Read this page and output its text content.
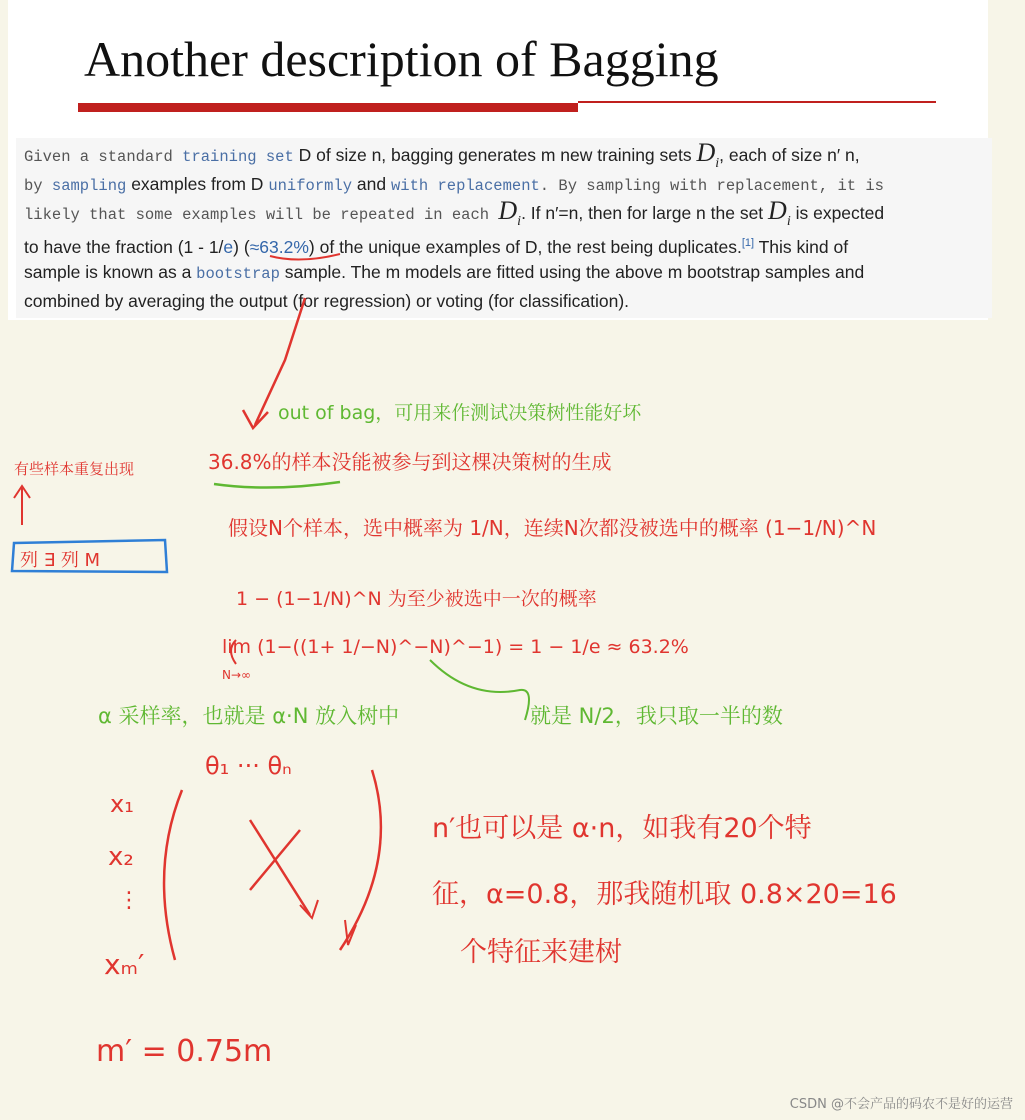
Another description of Bagging
Given a standard training set D of size n, bagging generates m new training sets $D_i$, each of size n′ n,
by sampling examples from D uniformly and with replacement. By sampling with replacement, it is
likely that some examples will be repeated in each $D_i$. If n′=n, then for large n the set $D_i$ is expected
to have the fraction (1 - 1/e) (≈63.2%) of the unique examples of D, the rest being duplicates.[1] This kind of
sample is known as a bootstrap sample. The m models are fitted using the above m bootstrap samples and
combined by averaging the output (for regression) or voting (for classification).
out of bag，可用来作测试决策树性能好坏
36.8%的样本没能被参与到这棵决策树的生成
有些样本重复出现
列 ∃ 列 M
假设N个样本，选中概率为 1/N，连续N次都没被选中的概率 (1−1/N)^N
1 − (1−1/N)^N 为至少被选中一次的概率
lim (1−((1+ 1/−N)^−N)^−1) = 1 − 1/e ≈ 63.2%
N→∞
α 采样率，也就是 α·N 放入树中	就是 N/2，我只取一半的数
θ₁ ··· θₙ
x₁
x₂
⋮
xₘ′
n′也可以是 α·n，如我有20个特
征，α=0.8，那我随机取 0.8×20=16
个特征来建树
m′ = 0.75m
CSDN @不会产品的码农不是好的运营
